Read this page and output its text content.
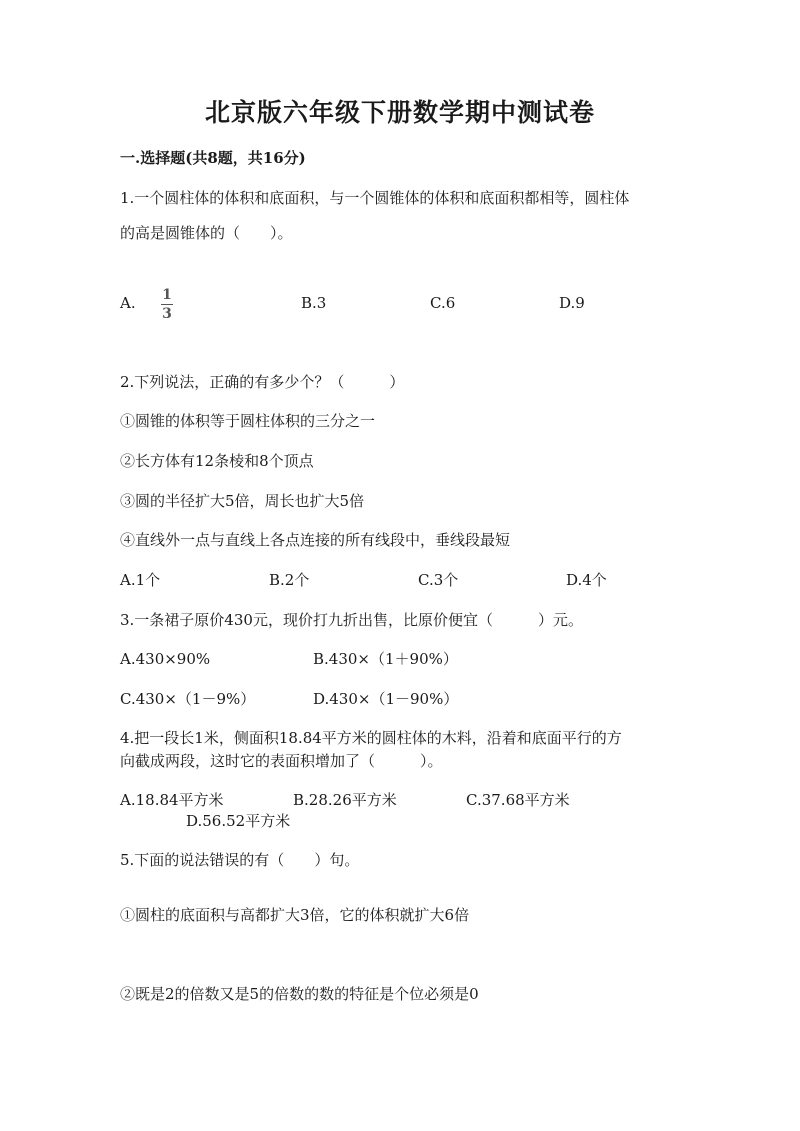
北京版六年级下册数学期中测试卷
一.选择题(共8题，共16分)
1.一个圆柱体的体积和底面积，与一个圆锥体的体积和底面积都相等，圆柱体
的高是圆锥体的（　　）。
A. 1
3
B.3	C.6	D.9
2.下列说法，正确的有多少个？（　　　）
①圆锥的体积等于圆柱体积的三分之一
②长方体有12条棱和8个顶点
③圆的半径扩大5倍，周长也扩大5倍
④直线外一点与直线上各点连接的所有线段中，垂线段最短
A.1个	B.2个	C.3个	D.4个
3.一条裙子原价430元，现价打九折出售，比原价便宜（　　　）元。
A.430×90%	B.430×（1＋90%）
C.430×（1－9%）	D.430×（1－90%）
4.把一段长1米，侧面积18.84平方米的圆柱体的木料，沿着和底面平行的方
向截成两段，这时它的表面积增加了（　　　）。
A.18.84平方米	B.28.26平方米	C.37.68平方米
D.56.52平方米
5.下面的说法错误的有（　　）句。
①圆柱的底面积与高都扩大3倍，它的体积就扩大6倍
②既是2的倍数又是5的倍数的数的特征是个位必须是0
